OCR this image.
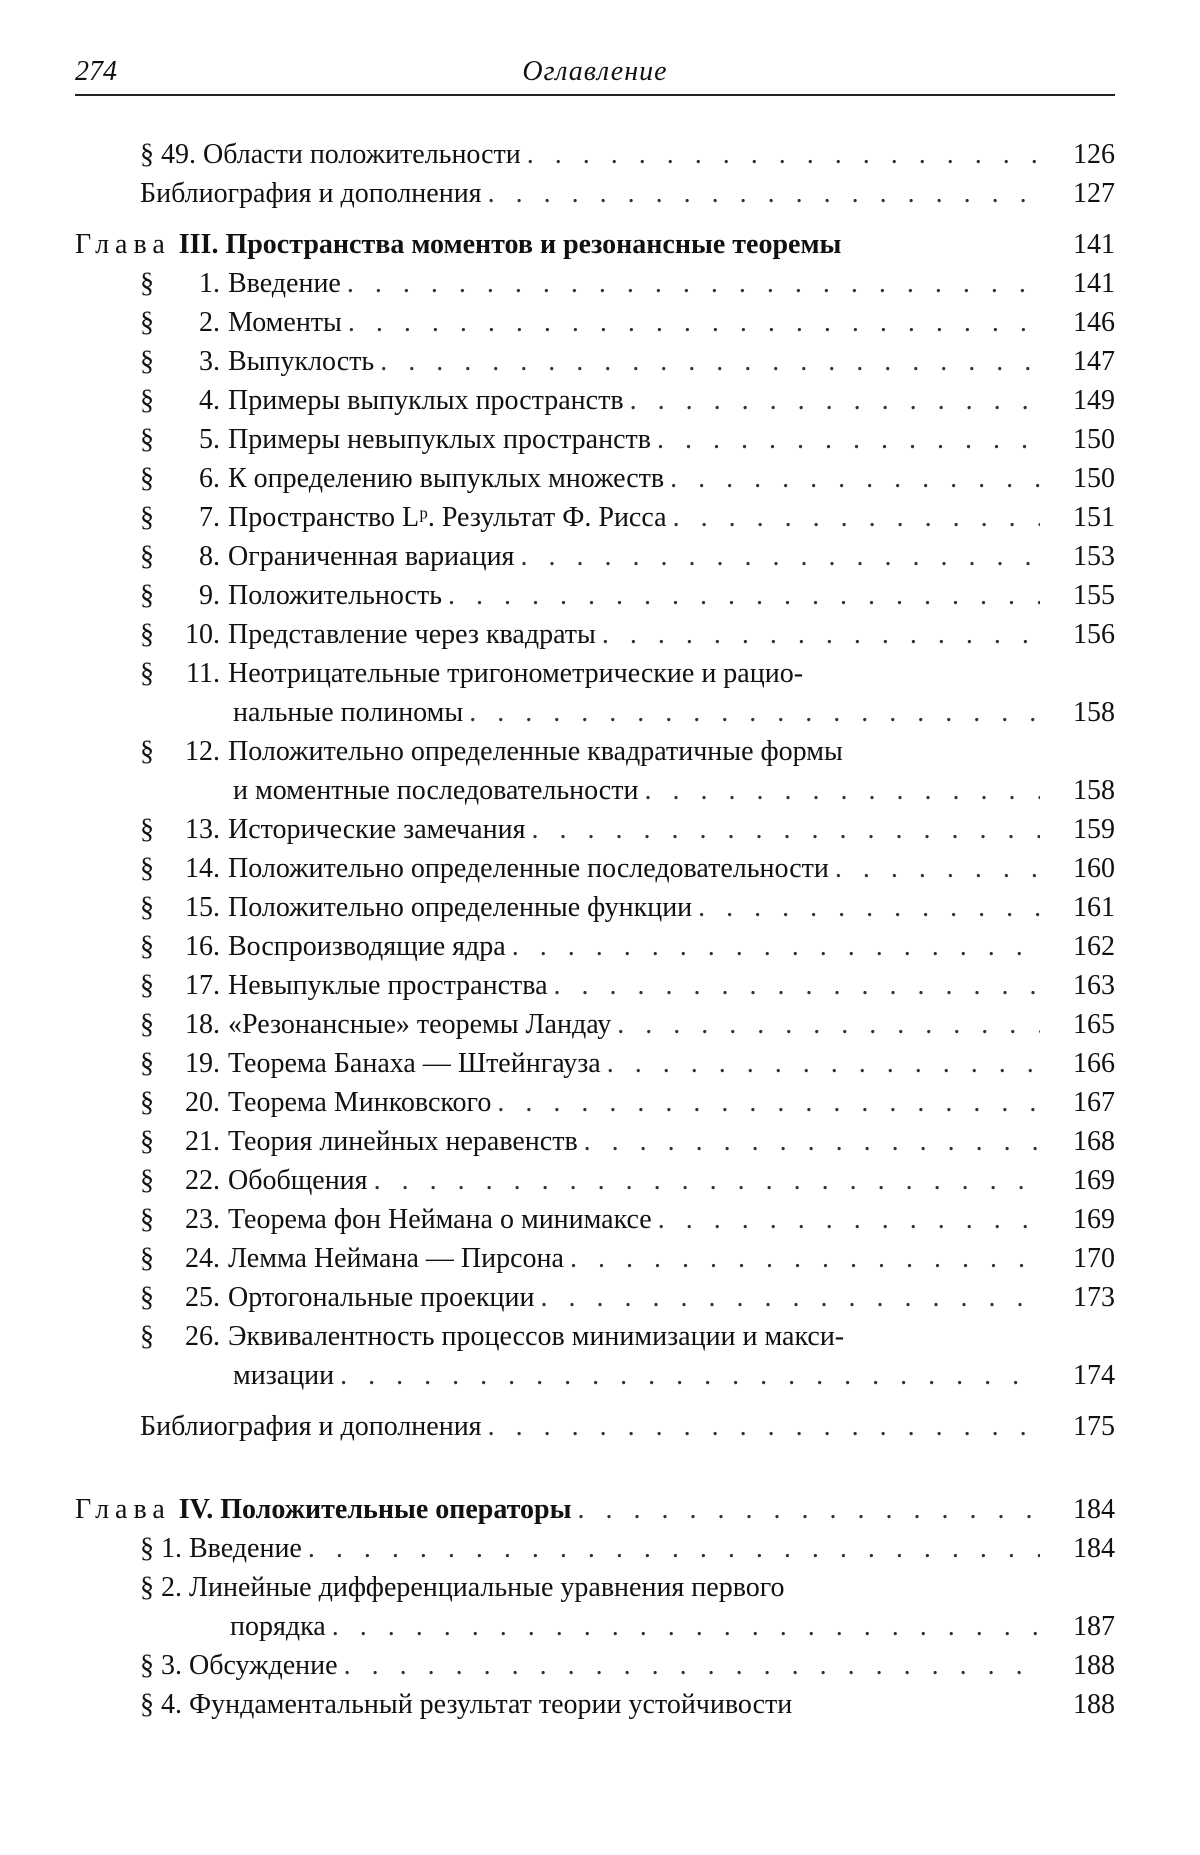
274	Оглавление
§ 49. Области положительности . . .	126
Библиография и дополнения . . .	127
Глава III. Пространства моментов и резонансные теоремы	141
§ 1. Введение . . .	141
§ 2. Моменты . . .	146
§ 3. Выпуклость . . .	147
§ 4. Примеры выпуклых пространств . . .	149
§ 5. Примеры невыпуклых пространств . . .	150
§ 6. К определению выпуклых множеств . . .	150
§ 7. Пространство Lᵖ. Результат Ф. Рисса . . .	151
§ 8. Ограниченная вариация . . .	153
§ 9. Положительность . . .	155
§ 10. Представление через квадраты . . .	156
§ 11. Неотрицательные тригонометрические и рацио-
нальные полиномы . . .	158
§ 12. Положительно определенные квадратичные формы
и моментные последовательности . . .	158
§ 13. Исторические замечания . . .	159
§ 14. Положительно определенные последовательности . . .	160
§ 15. Положительно определенные функции . . .	161
§ 16. Воспроизводящие ядра . . .	162
§ 17. Невыпуклые пространства . . .	163
§ 18. «Резонансные» теоремы Ландау . . .	165
§ 19. Теорема Банаха — Штейнгауза . . .	166
§ 20. Теорема Минковского . . .	167
§ 21. Теория линейных неравенств . . .	168
§ 22. Обобщения . . .	169
§ 23. Теорема фон Неймана о минимаксе . . .	169
§ 24. Лемма Неймана — Пирсона . . .	170
§ 25. Ортогональные проекции . . .	173
§ 26. Эквивалентность процессов минимизации и макси-
мизации . . .	174
Библиография и дополнения . . .	175
Глава IV. Положительные операторы . . .	184
§ 1. Введение . . .	184
§ 2. Линейные дифференциальные уравнения первого
порядка . . .	187
§ 3. Обсуждение . . .	188
§ 4. Фундаментальный результат теории устойчивости	188
